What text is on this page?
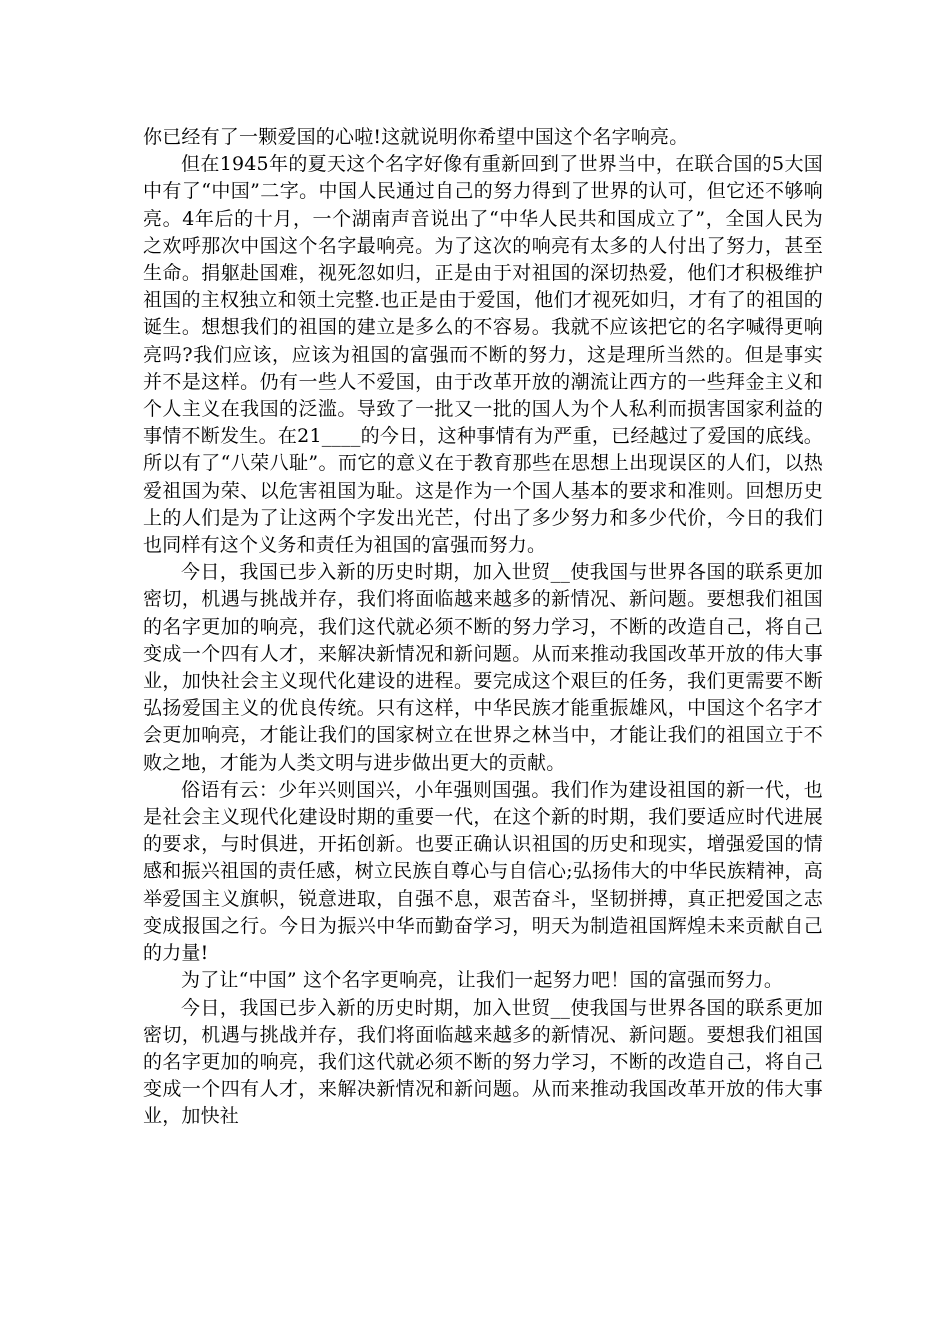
你已经有了一颗爱国的心啦!这就说明你希望中国这个名字响亮。

但在1945年的夏天这个名字好像有重新回到了世界当中，在联合国的5大国中有了“中国”二字。中国人民通过自己的努力得到了世界的认可，但它还不够响亮。4年后的十月，一个湖南声音说出了“中华人民共和国成立了”，全国人民为之欢呼那次中国这个名字最响亮。为了这次的响亮有太多的人付出了努力，甚至生命。捐躯赴国难，视死忽如归，正是由于对祖国的深切热爱，他们才积极维护祖国的主权独立和领土完整.也正是由于爱国，他们才视死如归，才有了的祖国的诞生。想想我们的祖国的建立是多么的不容易。我就不应该把它的名字喊得更响亮吗?我们应该，应该为祖国的富强而不断的努力，这是理所当然的。但是事实并不是这样。仍有一些人不爱国，由于改革开放的潮流让西方的一些拜金主义和个人主义在我国的泛滥。导致了一批又一批的国人为个人私利而损害国家利益的事情不断发生。在21____的今日，这种事情有为严重，已经越过了爱国的底线。所以有了“八荣八耻”。而它的意义在于教育那些在思想上出现误区的人们，以热爱祖国为荣、以危害祖国为耻。这是作为一个国人基本的要求和准则。回想历史上的人们是为了让这两个字发出光芒，付出了多少努力和多少代价，今日的我们也同样有这个义务和责任为祖国的富强而努力。

今日，我国已步入新的历史时期，加入世贸__使我国与世界各国的联系更加密切，机遇与挑战并存，我们将面临越来越多的新情况、新问题。要想我们祖国的名字更加的响亮，我们这代就必须不断的努力学习，不断的改造自己，将自己变成一个四有人才，来解决新情况和新问题。从而来推动我国改革开放的伟大事业，加快社会主义现代化建设的进程。要完成这个艰巨的任务，我们更需要不断弘扬爱国主义的优良传统。只有这样，中华民族才能重振雄风，中国这个名字才会更加响亮，才能让我们的国家树立在世界之林当中，才能让我们的祖国立于不败之地，才能为人类文明与进步做出更大的贡献。

俗语有云：少年兴则国兴，小年强则国强。我们作为建设祖国的新一代，也是社会主义现代化建设时期的重要一代，在这个新的时期，我们要适应时代进展的要求，与时俱进，开拓创新。也要正确认识祖国的历史和现实，增强爱国的情感和振兴祖国的责任感，树立民族自尊心与自信心;弘扬伟大的中华民族精神，高举爱国主义旗帜，锐意进取，自强不息，艰苦奋斗，坚韧拼搏，真正把爱国之志变成报国之行。今日为振兴中华而勤奋学习，明天为制造祖国辉煌未来贡献自己的力量!

为了让“中国” 这个名字更响亮，让我们一起努力吧！国的富强而努力。

今日，我国已步入新的历史时期，加入世贸__使我国与世界各国的联系更加密切，机遇与挑战并存，我们将面临越来越多的新情况、新问题。要想我们祖国的名字更加的响亮，我们这代就必须不断的努力学习，不断的改造自己，将自己变成一个四有人才，来解决新情况和新问题。从而来推动我国改革开放的伟大事业，加快社
